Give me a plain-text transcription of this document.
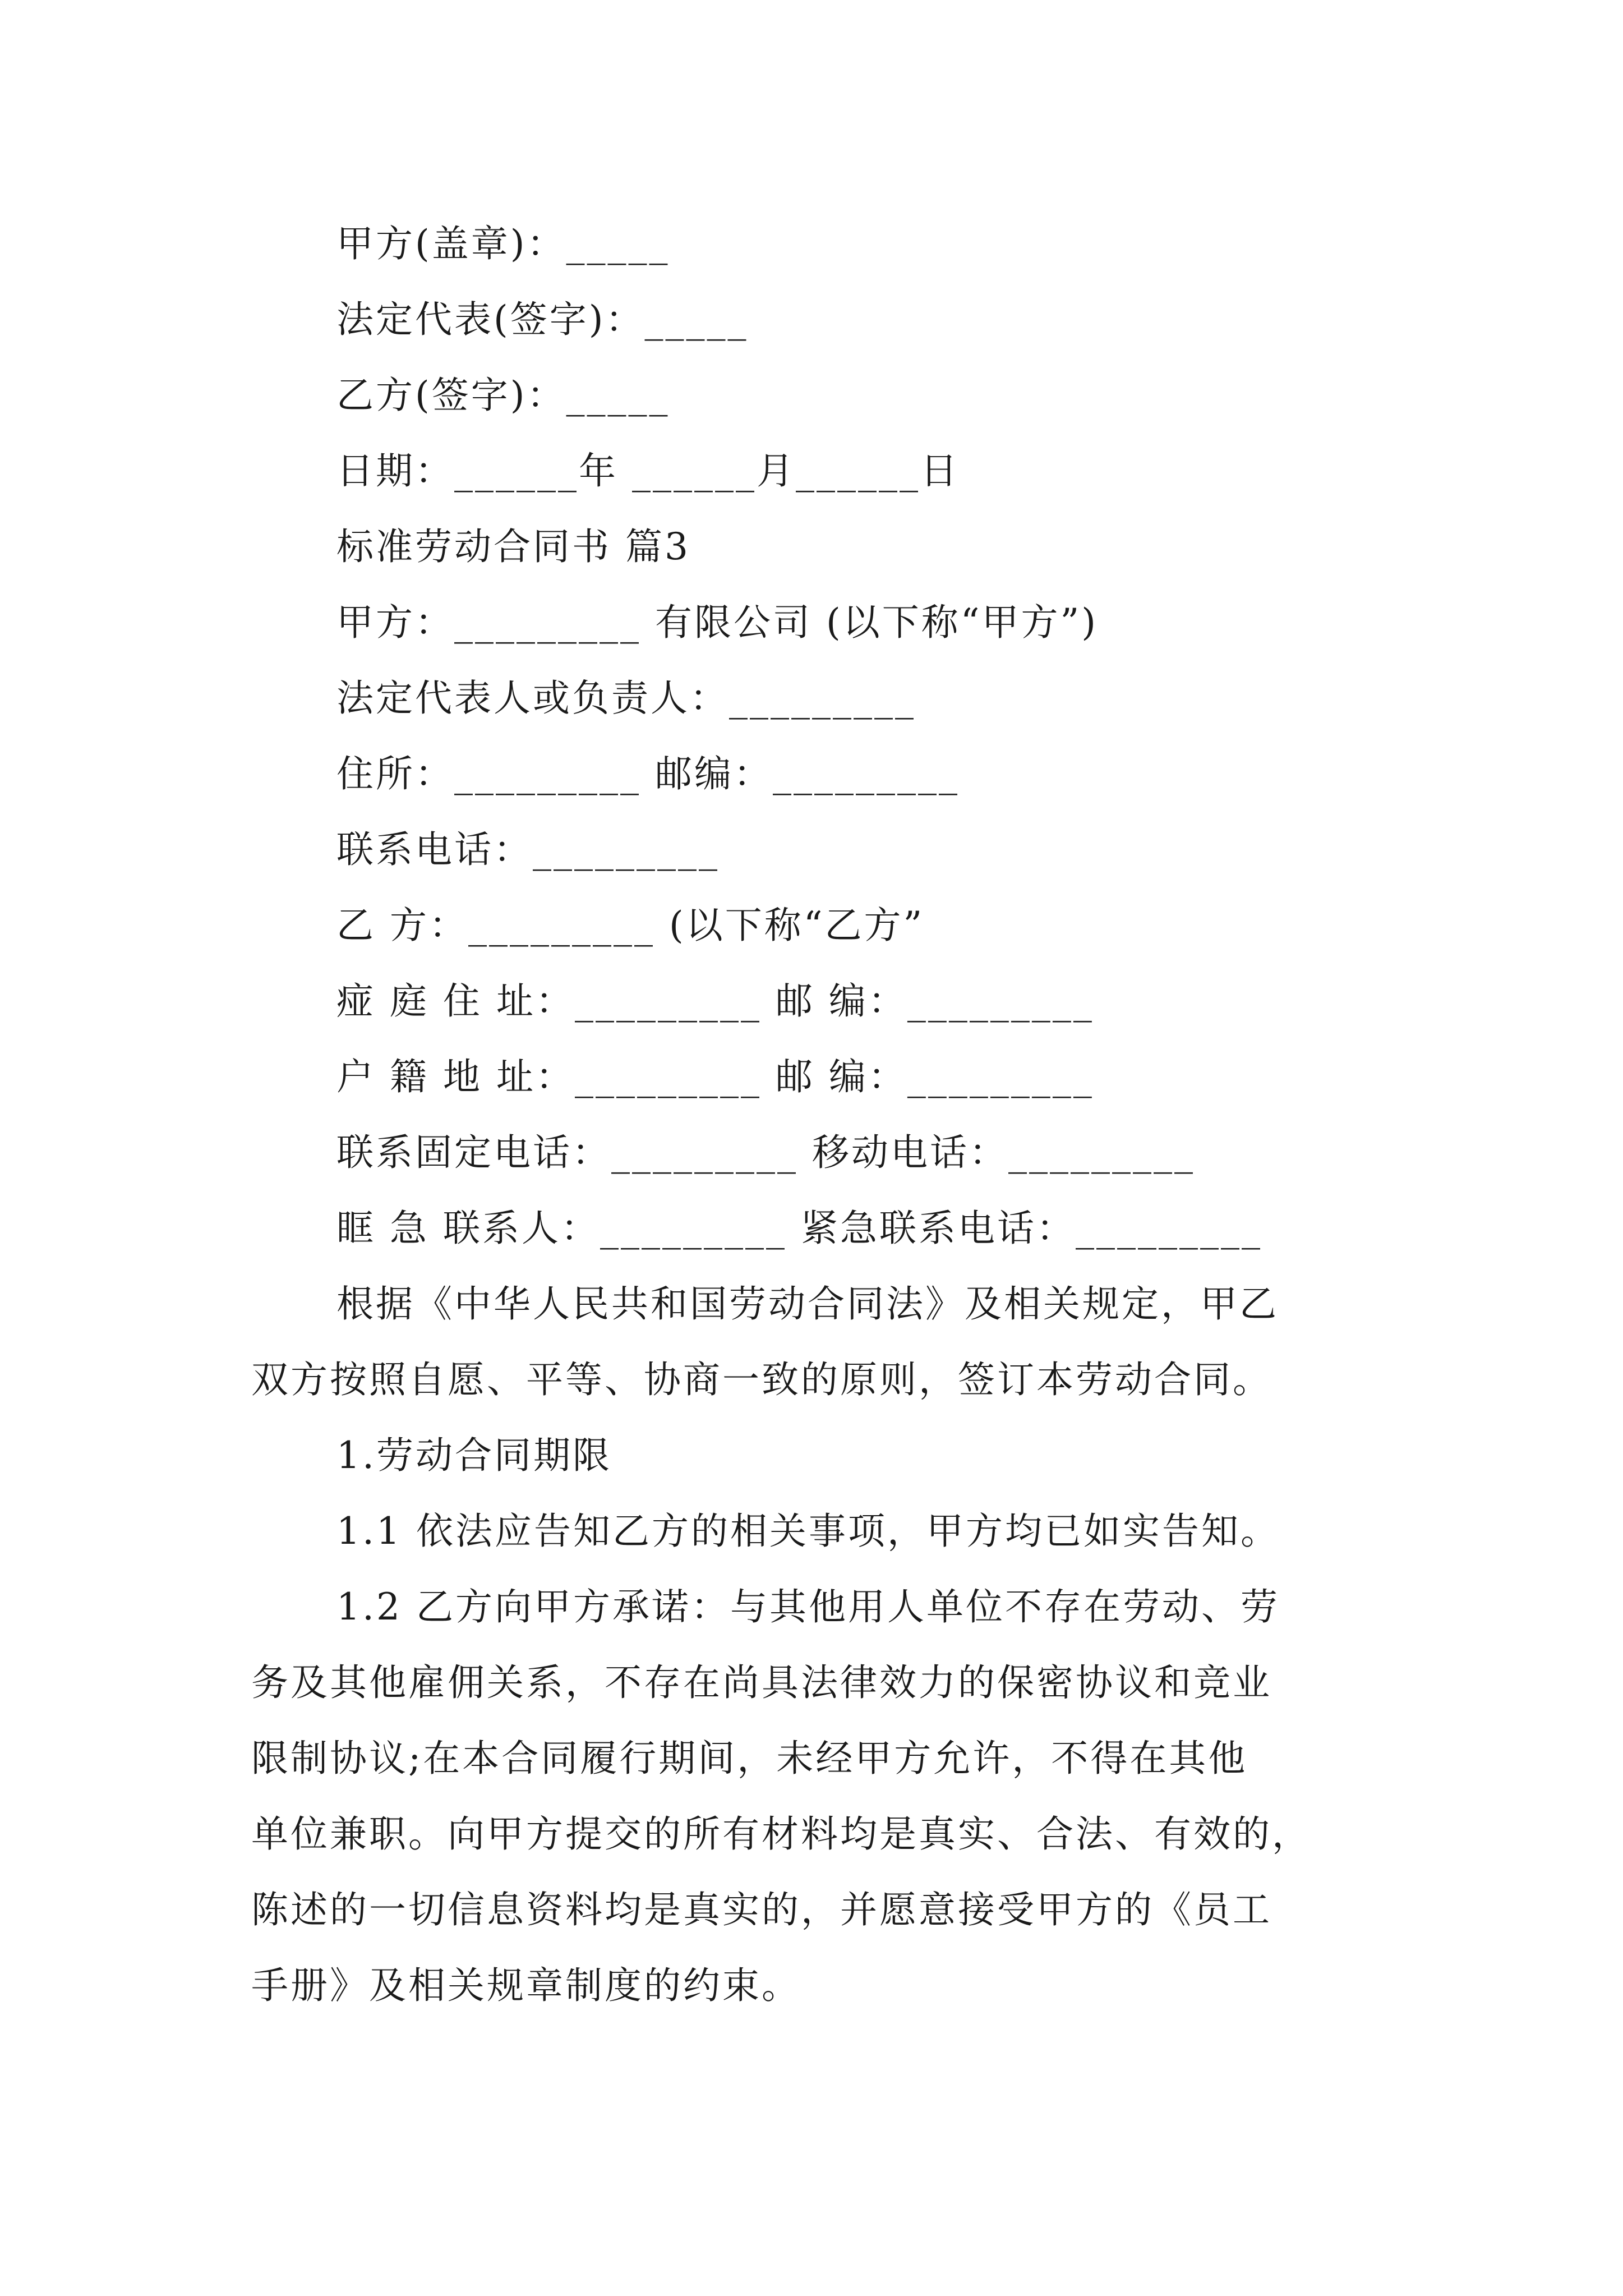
甲方(盖章)：_____
法定代表(签字)：_____
乙方(签字)：_____
日期：______年 ______月______日
标准劳动合同书 篇3
甲方：_________ 有限公司 (以下称“甲方”)
法定代表人或负责人：_________
住所：_________ 邮编：_________
联系电话：_________
乙 方：_________ (以下称“乙方”
痖 庭 住 址：_________ 邮 编：_________
户 籍 地 址：_________ 邮 编：_________
联系固定电话：_________ 移动电话：_________
眶 急 联系人：_________ 紧急联系电话：_________
根据《中华人民共和国劳动合同法》及相关规定，甲乙
双方按照自愿、平等、协商一致的原则，签订本劳动合同。
1.劳动合同期限
1.1 依法应告知乙方的相关事项，甲方均已如实告知。
1.2 乙方向甲方承诺：与其他用人单位不存在劳动、劳
务及其他雇佣关系，不存在尚具法律效力的保密协议和竞业
限制协议;在本合同履行期间，未经甲方允许，不得在其他
单位兼职。向甲方提交的所有材料均是真实、合法、有效的，
陈述的一切信息资料均是真实的，并愿意接受甲方的《员工
手册》及相关规章制度的约束。
